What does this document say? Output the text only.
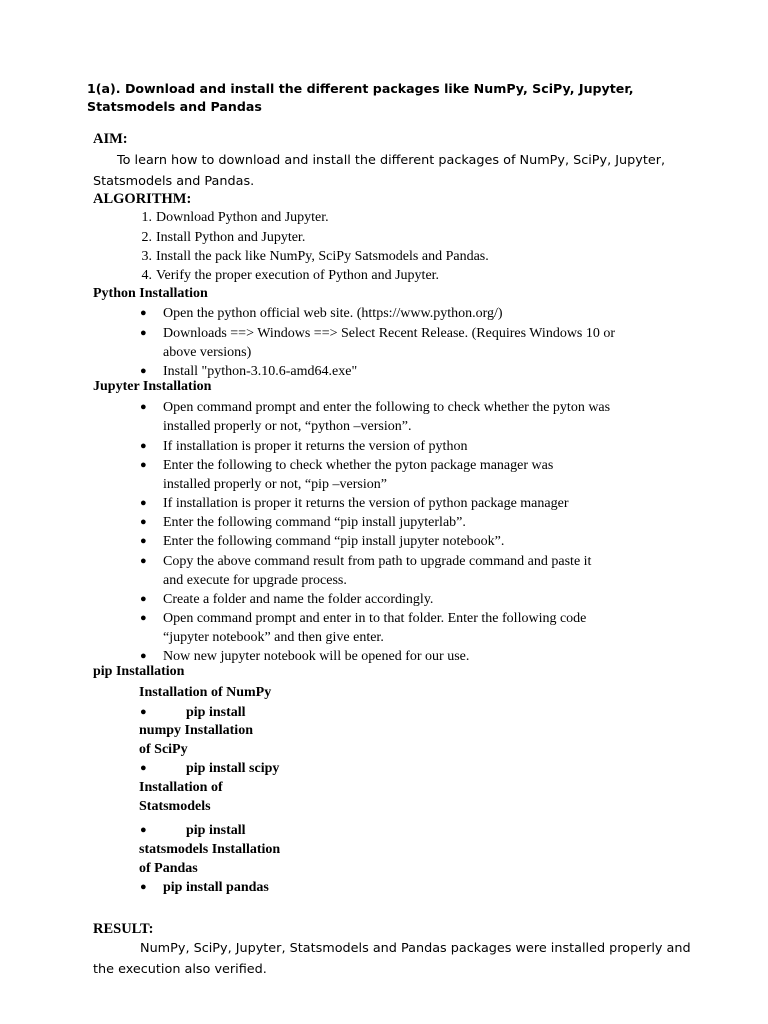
1(a). Download and install the different packages like NumPy, SciPy, Jupyter, Statsmodels and Pandas
AIM:
To learn how to download and install the different packages of NumPy, SciPy, Jupyter, Statsmodels and Pandas.
ALGORITHM:
1. Download Python and Jupyter.
2. Install Python and Jupyter.
3. Install the pack like NumPy, SciPy Satsmodels and Pandas.
4. Verify the proper execution of Python and Jupyter.
Python Installation
● Open the python official web site. (https://www.python.org/)
● Downloads ==> Windows ==> Select Recent Release. (Requires Windows 10 or
above versions)
● Install "python-3.10.6-amd64.exe"
Jupyter Installation
● Open command prompt and enter the following to check whether the pyton was
installed properly or not, “python –version”.
● If installation is proper it returns the version of python
● Enter the following to check whether the pyton package manager was
installed properly or not, “pip –version”
● If installation is proper it returns the version of python package manager
● Enter the following command “pip install jupyterlab”.
● Enter the following command “pip install jupyter notebook”.
● Copy the above command result from path to upgrade command and paste it
and execute for upgrade process.
● Create a folder and name the folder accordingly.
● Open command prompt and enter in to that folder. Enter the following code
“jupyter notebook” and then give enter.
● Now new jupyter notebook will be opened for our use.
pip Installation
Installation of NumPy
●	pip install
numpy Installation
of SciPy
●	pip install scipy
Installation of
Statsmodels
●	pip install
statsmodels Installation
of Pandas
● pip install pandas
RESULT:
NumPy, SciPy, Jupyter, Statsmodels and Pandas packages were installed properly and the execution also verified.
